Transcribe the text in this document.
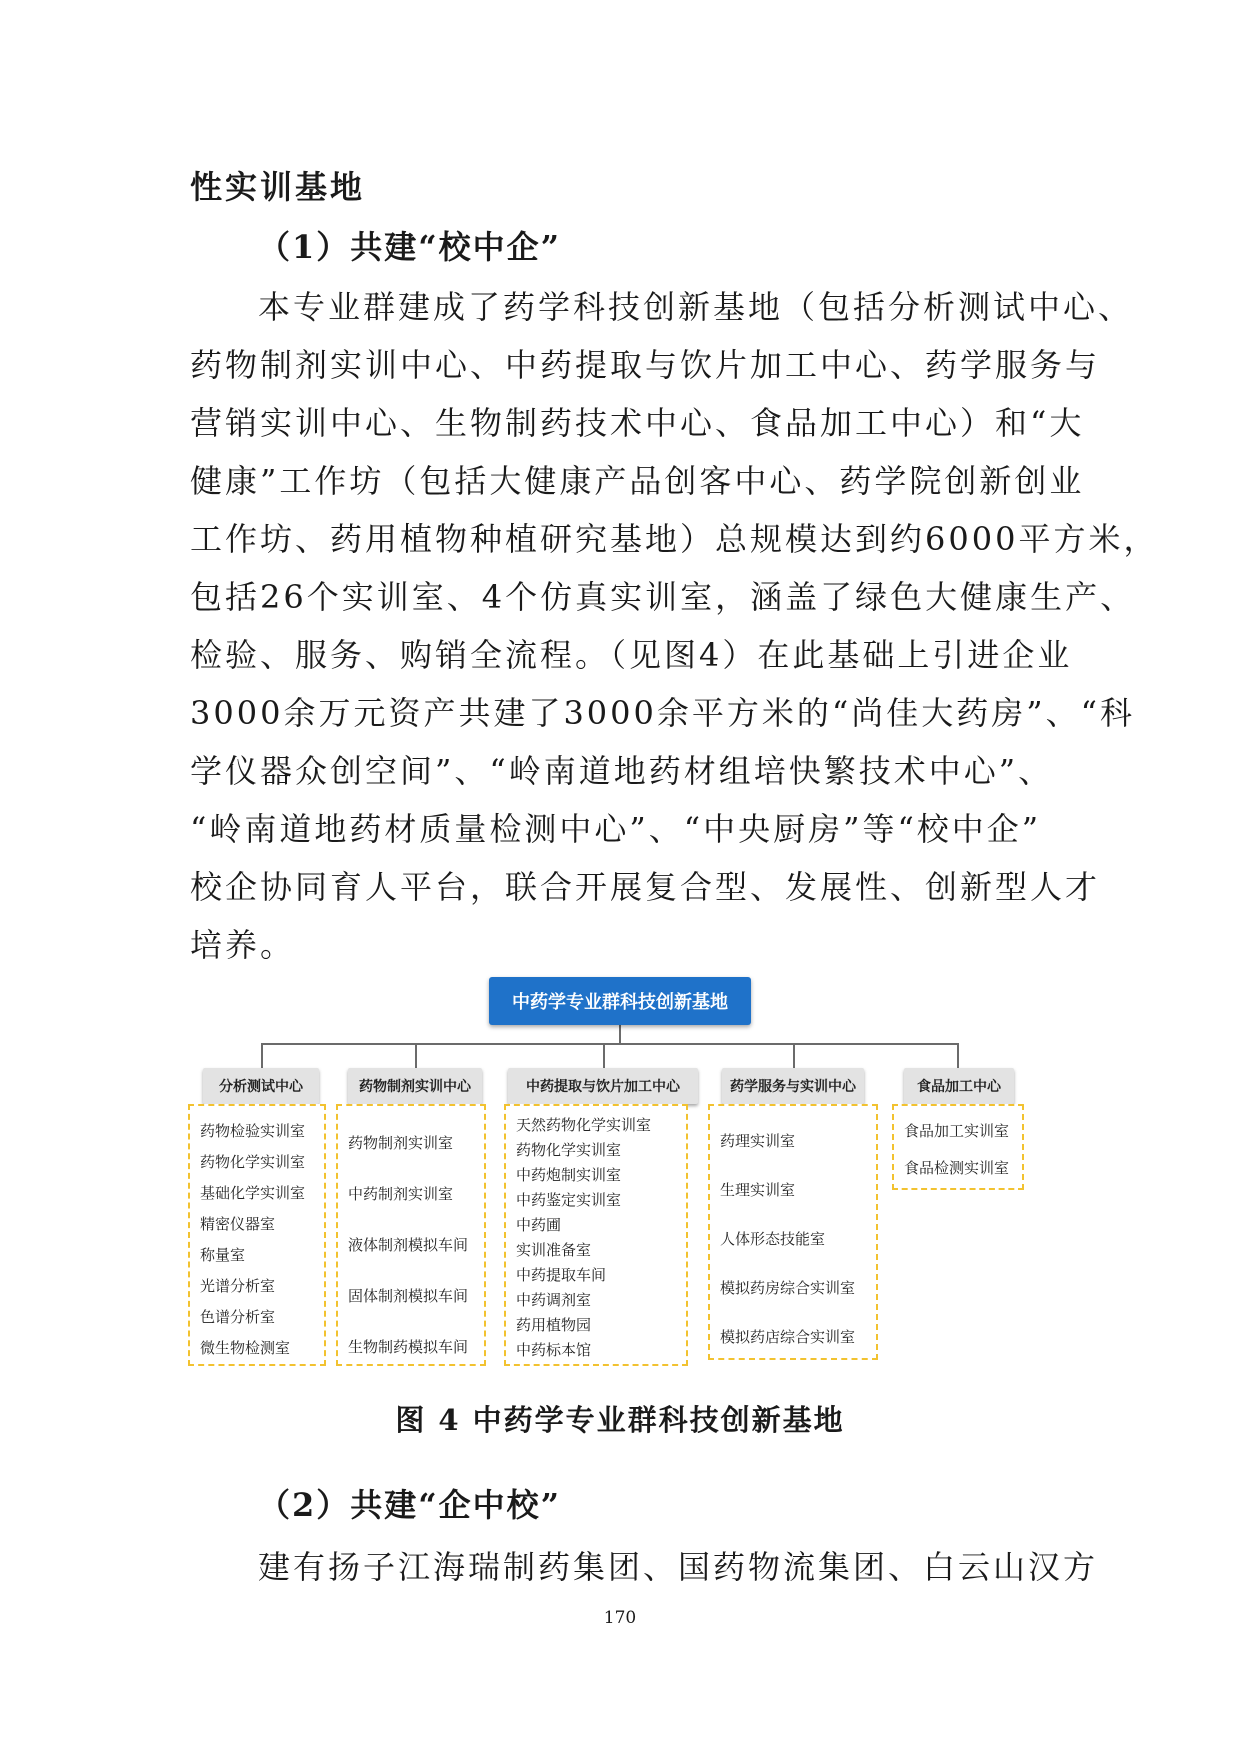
性实训基地
（1）共建“校中企”
本专业群建成了药学科技创新基地（包括分析测试中心、
药物制剂实训中心、中药提取与饮片加工中心、药学服务与
营销实训中心、生物制药技术中心、食品加工中心）和“大
健康”工作坊（包括大健康产品创客中心、药学院创新创业
工作坊、药用植物种植研究基地）总规模达到约6000平方米，
包括26个实训室、4个仿真实训室，涵盖了绿色大健康生产、
检验、服务、购销全流程。（见图4）在此基础上引进企业
3000余万元资产共建了3000余平方米的“尚佳大药房”、“科
学仪器众创空间”、“岭南道地药材组培快繁技术中心”、
“岭南道地药材质量检测中心”、“中央厨房”等“校中企”
校企协同育人平台，联合开展复合型、发展性、创新型人才
培养。
中药学专业群科技创新基地
分析测试中心	药物制剂实训中心	中药提取与饮片加工中心	药学服务与实训中心	食品加工中心
药物检验实训室
药物化学实训室
基础化学实训室
精密仪器室
称量室
光谱分析室
色谱分析室
微生物检测室
药物制剂实训室
中药制剂实训室
液体制剂模拟车间
固体制剂模拟车间
生物制药模拟车间
天然药物化学实训室
药物化学实训室
中药炮制实训室
中药鉴定实训室
中药圃
实训准备室
中药提取车间
中药调剂室
药用植物园
中药标本馆
药理实训室
生理实训室
人体形态技能室
模拟药房综合实训室
模拟药店综合实训室
食品加工实训室
食品检测实训室
图 4 中药学专业群科技创新基地
（2）共建“企中校”
建有扬子江海瑞制药集团、国药物流集团、白云山汉方
170
